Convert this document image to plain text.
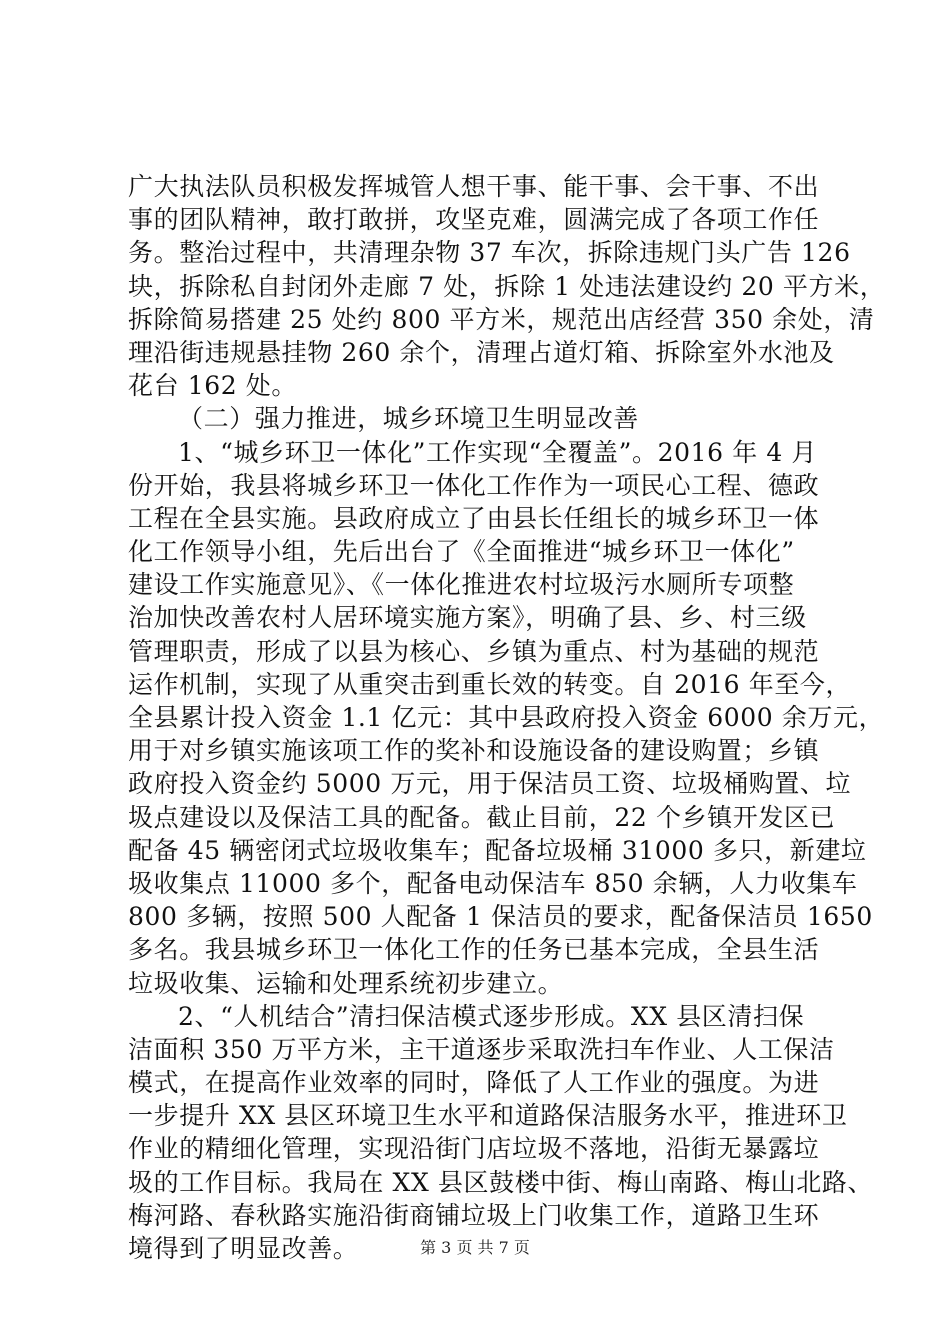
广大执法队员积极发挥城管人想干事、能干事、会干事、不出
事的团队精神，敢打敢拼，攻坚克难，圆满完成了各项工作任
务。整治过程中，共清理杂物 37 车次，拆除违规门头广告 126
块，拆除私自封闭外走廊 7 处，拆除 1 处违法建设约 20 平方米，
拆除简易搭建 25 处约 800 平方米，规范出店经营 350 余处，清
理沿街违规悬挂物 260 余个，清理占道灯箱、拆除室外水池及
花台 162 处。
（二）强力推进，城乡环境卫生明显改善
1、“城乡环卫一体化”工作实现“全覆盖”。2016 年 4 月
份开始，我县将城乡环卫一体化工作作为一项民心工程、德政
工程在全县实施。县政府成立了由县长任组长的城乡环卫一体
化工作领导小组，先后出台了《全面推进“城乡环卫一体化”
建设工作实施意见》、《一体化推进农村垃圾污水厕所专项整
治加快改善农村人居环境实施方案》，明确了县、乡、村三级
管理职责，形成了以县为核心、乡镇为重点、村为基础的规范
运作机制，实现了从重突击到重长效的转变。自 2016 年至今，
全县累计投入资金 1.1 亿元：其中县政府投入资金 6000 余万元，
用于对乡镇实施该项工作的奖补和设施设备的建设购置；乡镇
政府投入资金约 5000 万元，用于保洁员工资、垃圾桶购置、垃
圾点建设以及保洁工具的配备。截止目前，22 个乡镇开发区已
配备 45 辆密闭式垃圾收集车；配备垃圾桶 31000 多只，新建垃
圾收集点 11000 多个，配备电动保洁车 850 余辆，人力收集车
800 多辆，按照 500 人配备 1 保洁员的要求，配备保洁员 1650
多名。我县城乡环卫一体化工作的任务已基本完成，全县生活
垃圾收集、运输和处理系统初步建立。
2、“人机结合”清扫保洁模式逐步形成。XX 县区清扫保
洁面积 350 万平方米，主干道逐步采取洗扫车作业、人工保洁
模式，在提高作业效率的同时，降低了人工作业的强度。为进
一步提升 XX 县区环境卫生水平和道路保洁服务水平，推进环卫
作业的精细化管理，实现沿街门店垃圾不落地，沿街无暴露垃
圾的工作目标。我局在 XX 县区鼓楼中街、梅山南路、梅山北路、
梅河路、春秋路实施沿街商铺垃圾上门收集工作，道路卫生环
境得到了明显改善。	第 3 页 共 7 页
